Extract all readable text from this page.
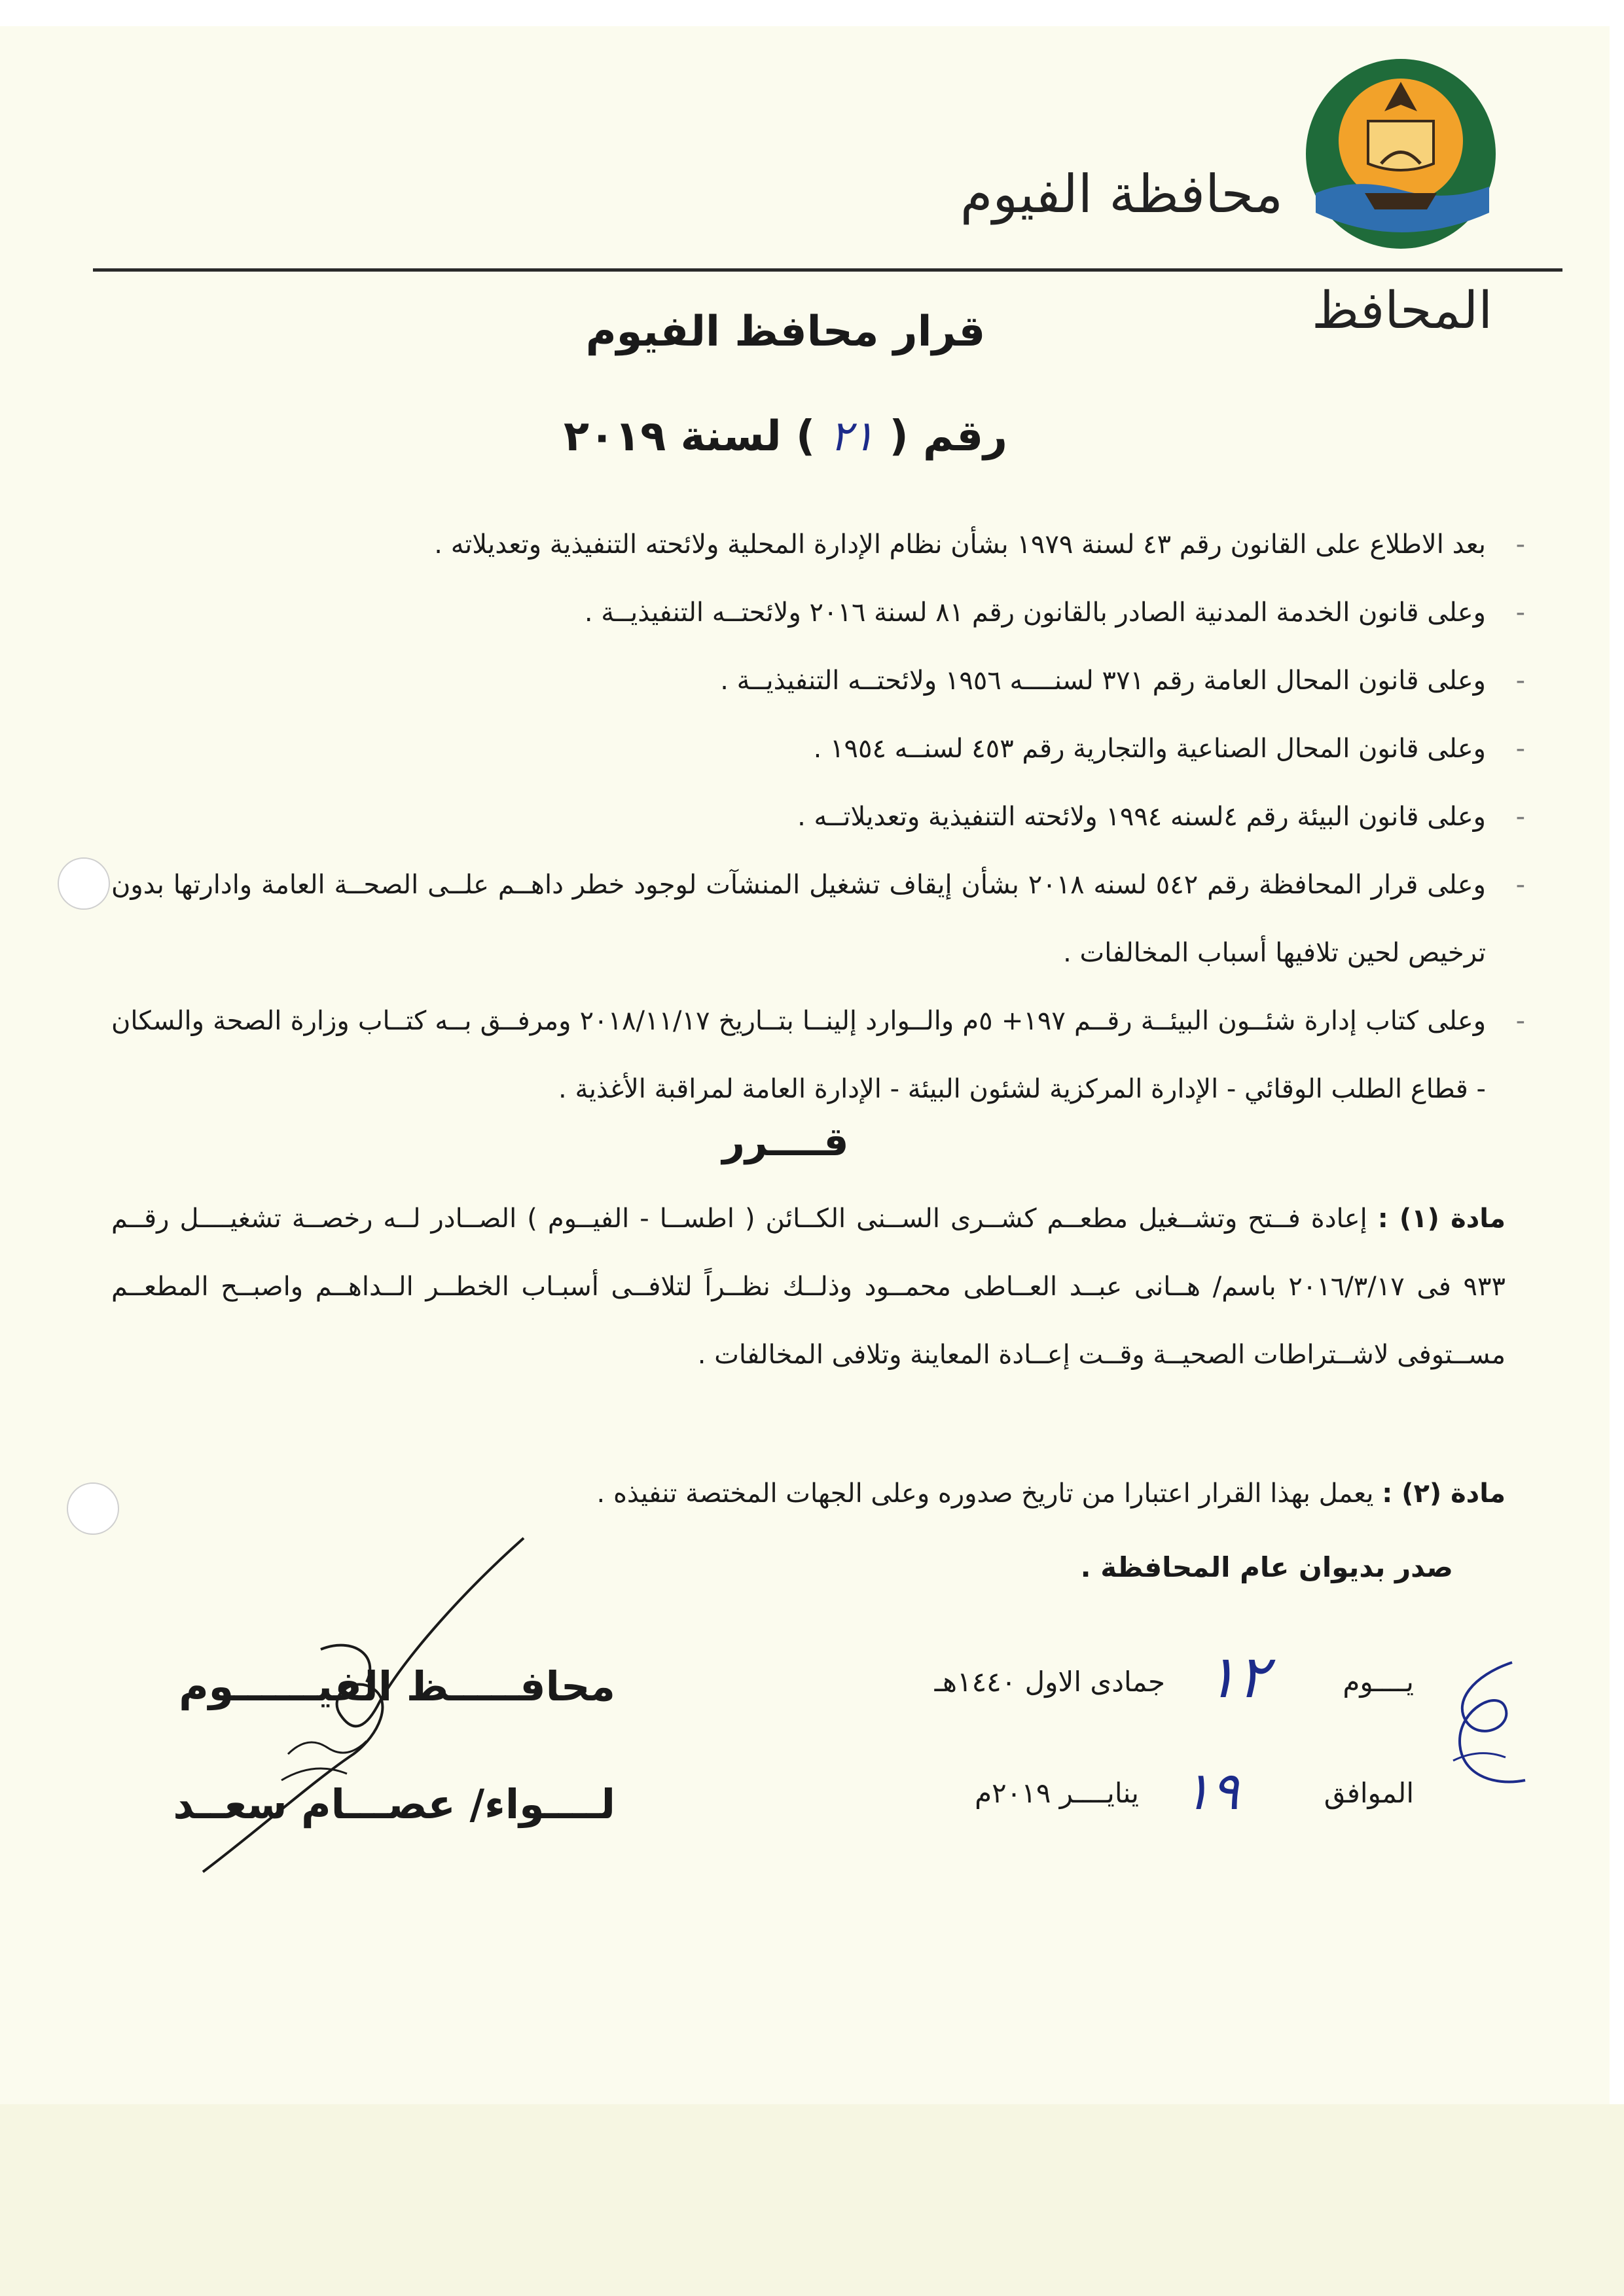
محافظة الفيوم
المحافظ
قرار محافظ الفيوم
رقم ( ٢١ ) لسنة ٢٠١٩
- بعد الاطلاع على القانون رقم ٤٣ لسنة ١٩٧٩ بشأن نظام الإدارة المحلية ولائحته التنفيذية وتعديلاته .
- وعلى قانون الخدمة المدنية الصادر بالقانون رقم ٨١ لسنة ٢٠١٦ ولائحتــه التنفيذيــة .
- وعلى قانون المحال العامة رقم ٣٧١ لسنــــه ١٩٥٦ ولائحتــه التنفيذيــة .
- وعلى قانون المحال الصناعية والتجارية رقم ٤٥٣ لسنــه ١٩٥٤ .
- وعلى قانون البيئة رقم ٤لسنه ١٩٩٤ ولائحته التنفيذية وتعديلاتــه .
- وعلى قرار المحافظة رقم ٥٤٢ لسنه ٢٠١٨ بشأن إيقاف تشغيل المنشآت لوجود خطر داهــم علــى الصحــة العامة وادارتها بدون ترخيص لحين تلافيها أسباب المخالفات .
- وعلى كتاب إدارة شئــون البيئــة رقــم ١٩٧+ ٥م والــوارد إلينــا بتــاريخ ٢٠١٨/١١/١٧ ومرفــق بــه كتــاب وزارة الصحة والسكان - قطاع الطلب الوقائي - الإدارة المركزية لشئون البيئة - الإدارة العامة لمراقبة الأغذية .
قــــرر
مادة (١) : إعادة فــتح وتشــغيل مطعــم كشــرى الســنى الكــائن ( اطســا - الفيــوم ) الصــادر لــه رخصــة تشغيــــل رقــم ٩٣٣ فى ٢٠١٦/٣/١٧ باسم/ هــانى عبــد العــاطى محمــود وذلــك نظــراً لتلافــى أسبـاب الخطــر الــداهــم واصبــح المطعــم مســتوفى لاشــتراطات الصحيــة وقــت إعــادة المعاينة وتلافى المخالفات .
مادة (٢) : يعمل بهذا القرار اعتبارا من تاريخ صدوره وعلى الجهات المختصة تنفيذه .
صدر بديوان عام المحافظة .
يــــوم
١٢
جمادى الاول ١٤٤٠هـ
الموافق
١٩
ينايــــر ٢٠١٩م
محافـــــظ الفيــــــوم
لــــواء/ عصـــام سعــد
